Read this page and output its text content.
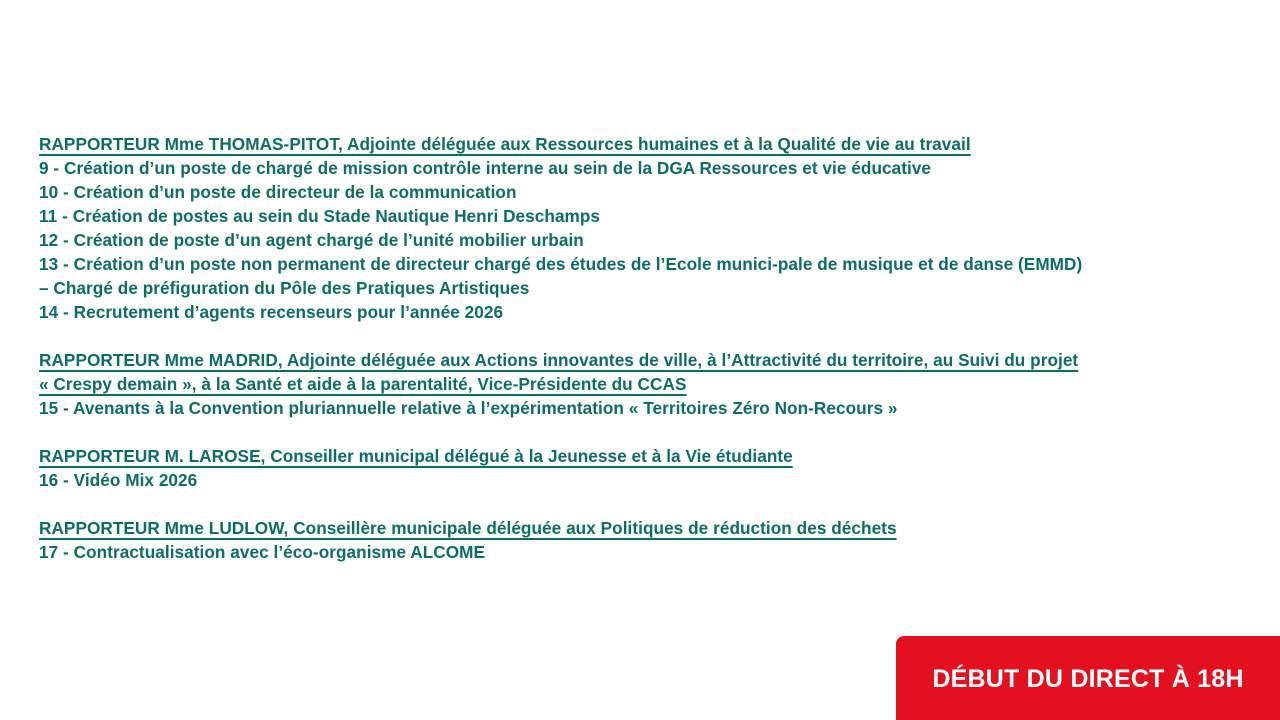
RAPPORTEUR Mme THOMAS-PITOT, Adjointe déléguée aux Ressources humaines et à la Qualité de vie au travail
9 - Création d’un poste de chargé de mission contrôle interne au sein de la DGA Ressources et vie éducative
10 - Création d’un poste de directeur de la communication
11 - Création de postes au sein du Stade Nautique Henri Deschamps
12 - Création de poste d’un agent chargé de l’unité mobilier urbain
13 - Création d’un poste non permanent de directeur chargé des études de l’Ecole munici-pale de musique et de danse (EMMD)
– Chargé de préfiguration du Pôle des Pratiques Artistiques
14 - Recrutement d’agents recenseurs pour l’année 2026
RAPPORTEUR Mme MADRID, Adjointe déléguée aux Actions innovantes de ville, à l’Attractivité du territoire, au Suivi du projet
« Crespy demain », à la Santé et aide à la parentalité, Vice-Présidente du CCAS
15 - Avenants à la Convention pluriannuelle relative à l’expérimentation « Territoires Zéro Non-Recours »
RAPPORTEUR M. LAROSE, Conseiller municipal délégué à la Jeunesse et à la Vie étudiante
16 - Vidéo Mix 2026
RAPPORTEUR Mme LUDLOW, Conseillère municipale déléguée aux Politiques de réduction des déchets
17 - Contractualisation avec l’éco-organisme ALCOME
DÉBUT DU DIRECT À 18H
